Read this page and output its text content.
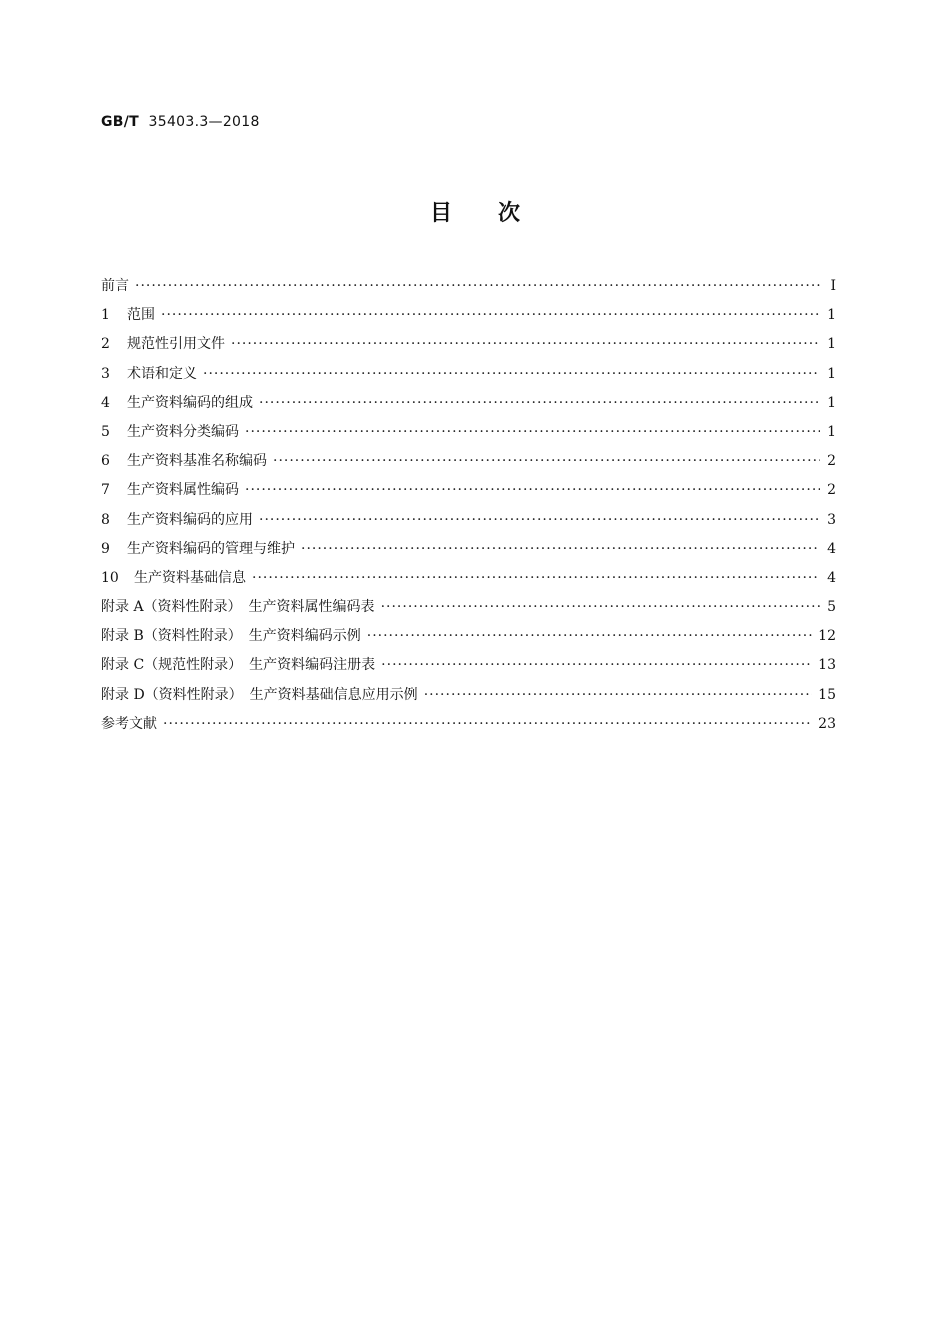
GB/T 35403.3—2018
目次
前言 ·····	Ⅰ
1 范围 ·····	1
2 规范性引用文件 ·····	1
3 术语和定义 ·····	1
4 生产资料编码的组成 ·····	1
5 生产资料分类编码 ·····	1
6 生产资料基准名称编码 ·····	2
7 生产资料属性编码 ·····	2
8 生产资料编码的应用 ·····	3
9 生产资料编码的管理与维护 ·····	4
10 生产资料基础信息 ·····	4
附录 A（资料性附录）　生产资料属性编码表 ·····	5
附录 B（资料性附录）　生产资料编码示例 ·····	12
附录 C（规范性附录）　生产资料编码注册表 ·····	13
附录 D（资料性附录）　生产资料基础信息应用示例 ·····	15
参考文献 ·····	23
